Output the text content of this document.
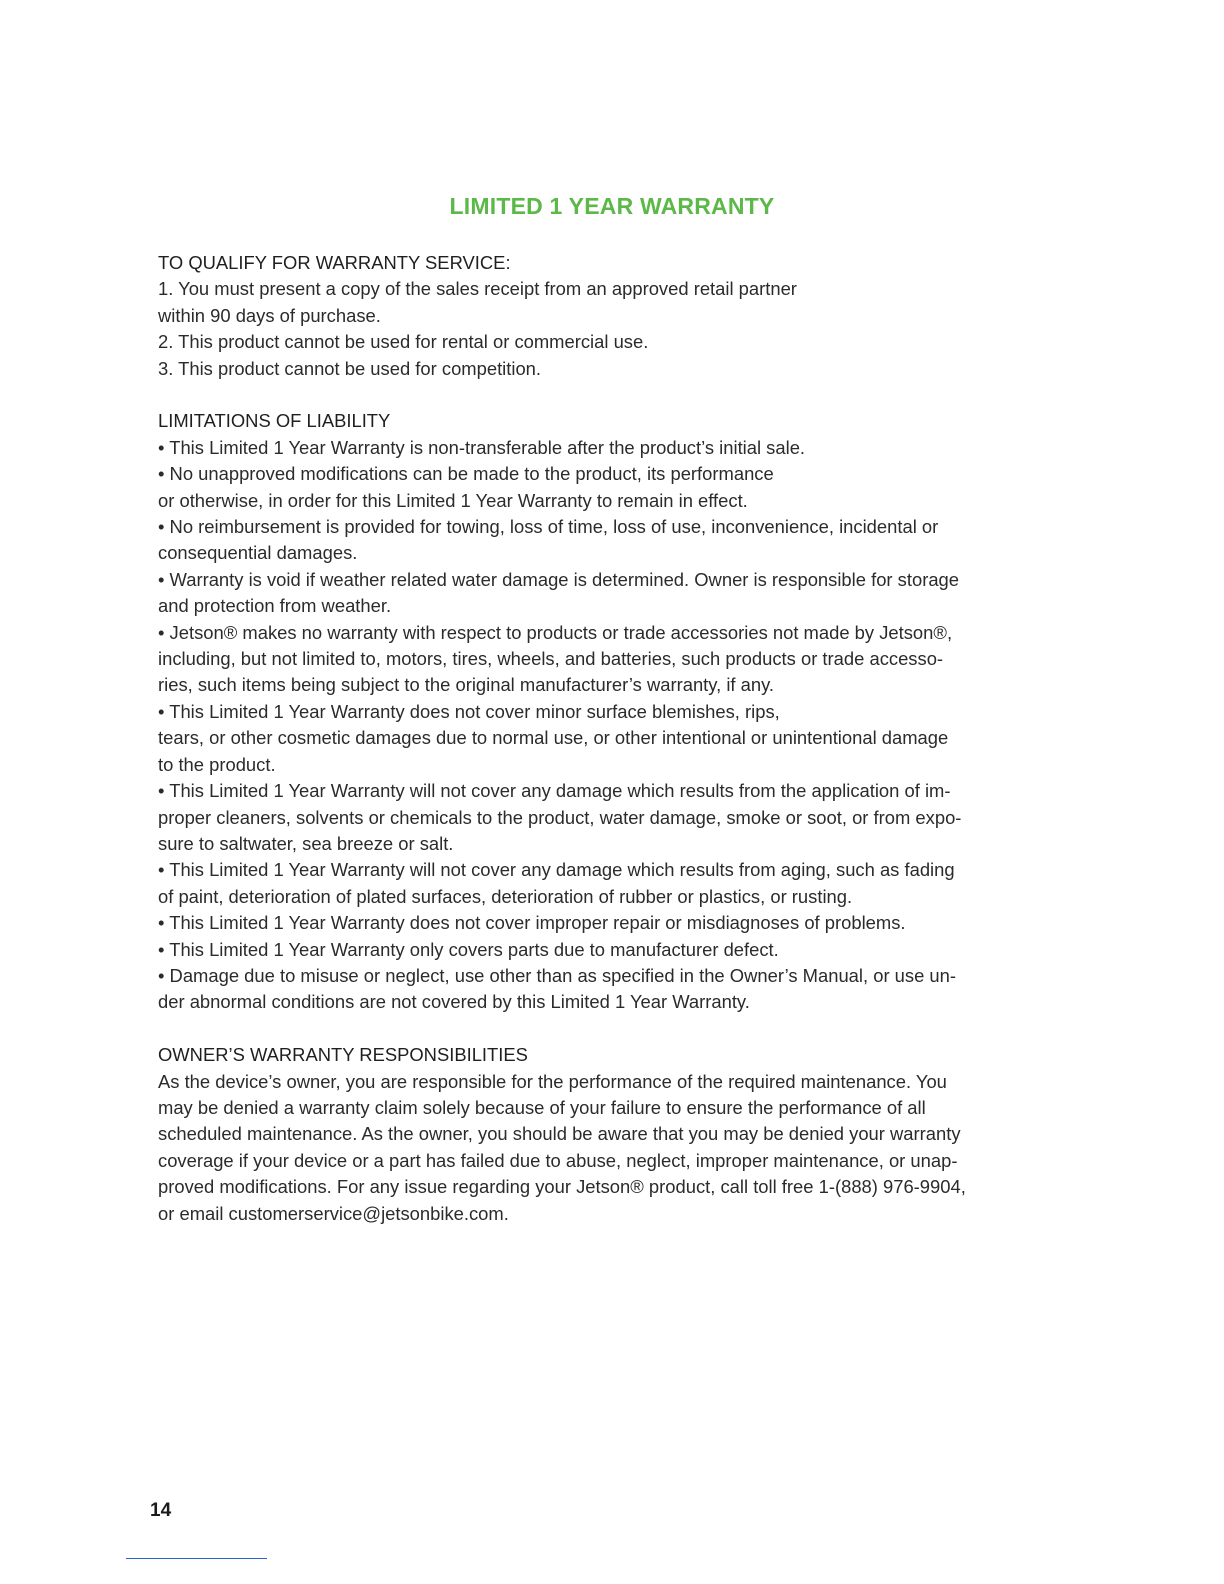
LIMITED 1 YEAR WARRANTY
TO QUALIFY FOR WARRANTY SERVICE:
1. You must present a copy of the sales receipt from an approved retail partner
within 90 days of purchase.
2. This product cannot be used for rental or commercial use.
3. This product cannot be used for competition.
LIMITATIONS OF LIABILITY
• This Limited 1 Year Warranty is non-transferable after the product’s initial sale.
• No unapproved modifications can be made to the product, its performance
or otherwise, in order for this Limited 1 Year Warranty to remain in effect.
• No reimbursement is provided for towing, loss of time, loss of use, inconvenience, incidental or
consequential damages.
• Warranty is void if weather related water damage is determined. Owner is responsible for storage
and protection from weather.
• Jetson® makes no warranty with respect to products or trade accessories not made by Jetson®,
including, but not limited to, motors, tires, wheels, and batteries, such products or trade accesso-
ries, such items being subject to the original manufacturer’s warranty, if any.
• This Limited 1 Year Warranty does not cover minor surface blemishes, rips,
tears, or other cosmetic damages due to normal use, or other intentional or unintentional damage
to the product.
• This Limited 1 Year Warranty will not cover any damage which results from the application of im-
proper cleaners, solvents or chemicals to the product, water damage, smoke or soot, or from expo-
sure to saltwater, sea breeze or salt.
• This Limited 1 Year Warranty will not cover any damage which results from aging, such as fading
of paint, deterioration of plated surfaces, deterioration of rubber or plastics, or rusting.
• This Limited 1 Year Warranty does not cover improper repair or misdiagnoses of problems.
• This Limited 1 Year Warranty only covers parts due to manufacturer defect.
• Damage due to misuse or neglect, use other than as specified in the Owner’s Manual, or use un-
der abnormal conditions are not covered by this Limited 1 Year Warranty.
OWNER’S WARRANTY RESPONSIBILITIES
As the device’s owner, you are responsible for the performance of the required maintenance. You
may be denied a warranty claim solely because of your failure to ensure the performance of all
scheduled maintenance. As the owner, you should be aware that you may be denied your warranty
coverage if your device or a part has failed due to abuse, neglect, improper maintenance, or unap-
proved modifications. For any issue regarding your Jetson® product, call toll free 1-(888) 976-9904,
or email customerservice@jetsonbike.com.
14
